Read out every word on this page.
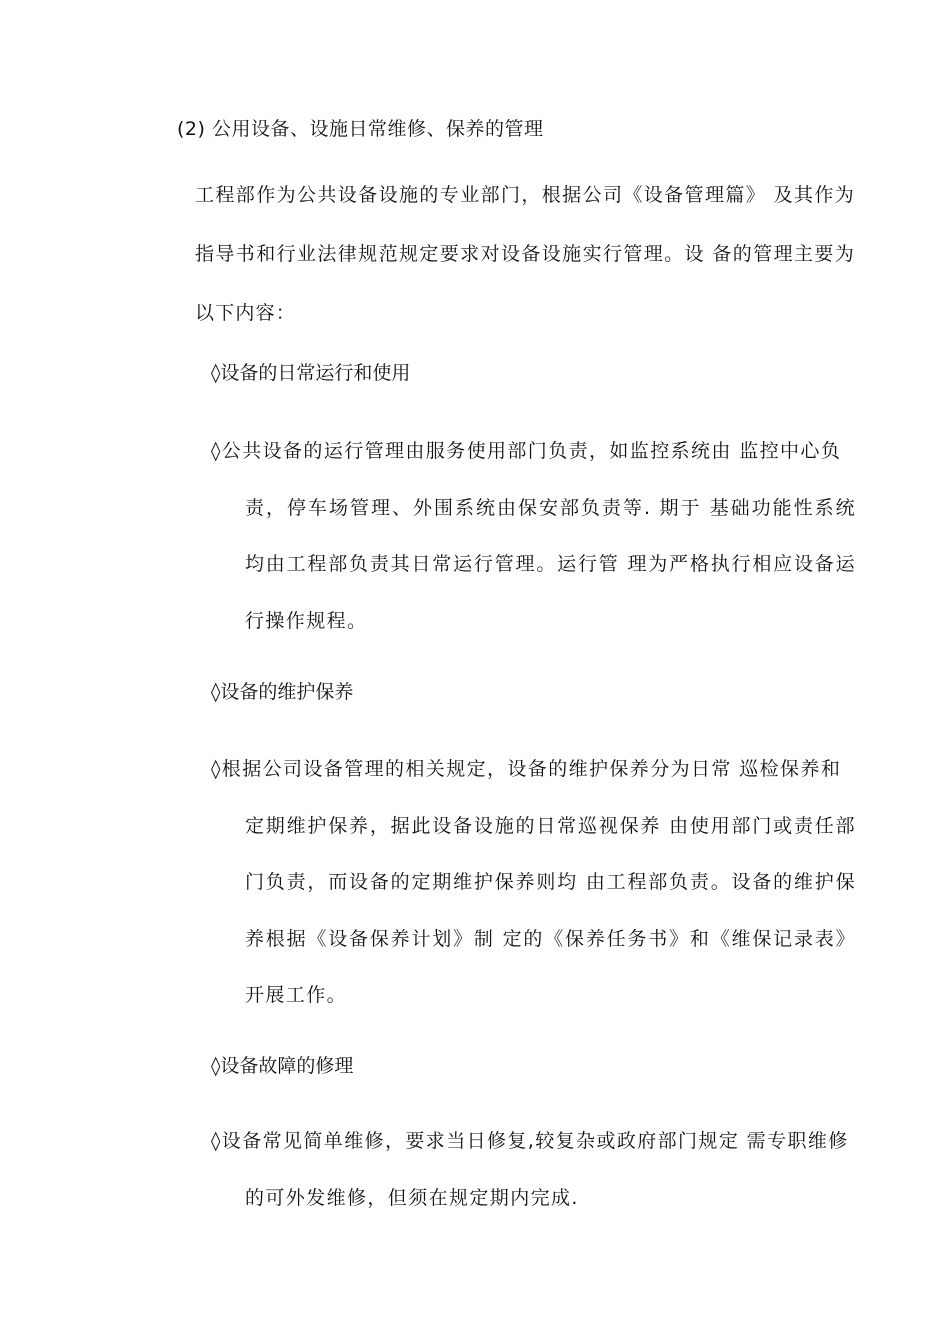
(2) 公用设备、设施日常维修、保养的管理
工程部作为公共设备设施的专业部门，根据公司《设备管理篇》 及其作为指导书和行业法律规范规定要求对设备设施实行管理。设 备的管理主要为以下内容：
◊设备的日常运行和使用
◊公共设备的运行管理由服务使用部门负责，如监控系统由 监控中心负
责，停车场管理、外围系统由保安部负责等. 期于 基础功能性系统均由工程部负责其日常运行管理。运行管 理为严格执行相应设备运行操作规程。
◊设备的维护保养
◊根据公司设备管理的相关规定，设备的维护保养分为日常 巡检保养和
定期维护保养，据此设备设施的日常巡视保养 由使用部门或责任部门负责，而设备的定期维护保养则均 由工程部负责。设备的维护保养根据《设备保养计划》制 定的《保养任务书》和《维保记录表》开展工作。
◊设备故障的修理
◊设备常见简单维修，要求当日修复,较复杂或政府部门规定 需专职维修
的可外发维修，但须在规定期内完成.
